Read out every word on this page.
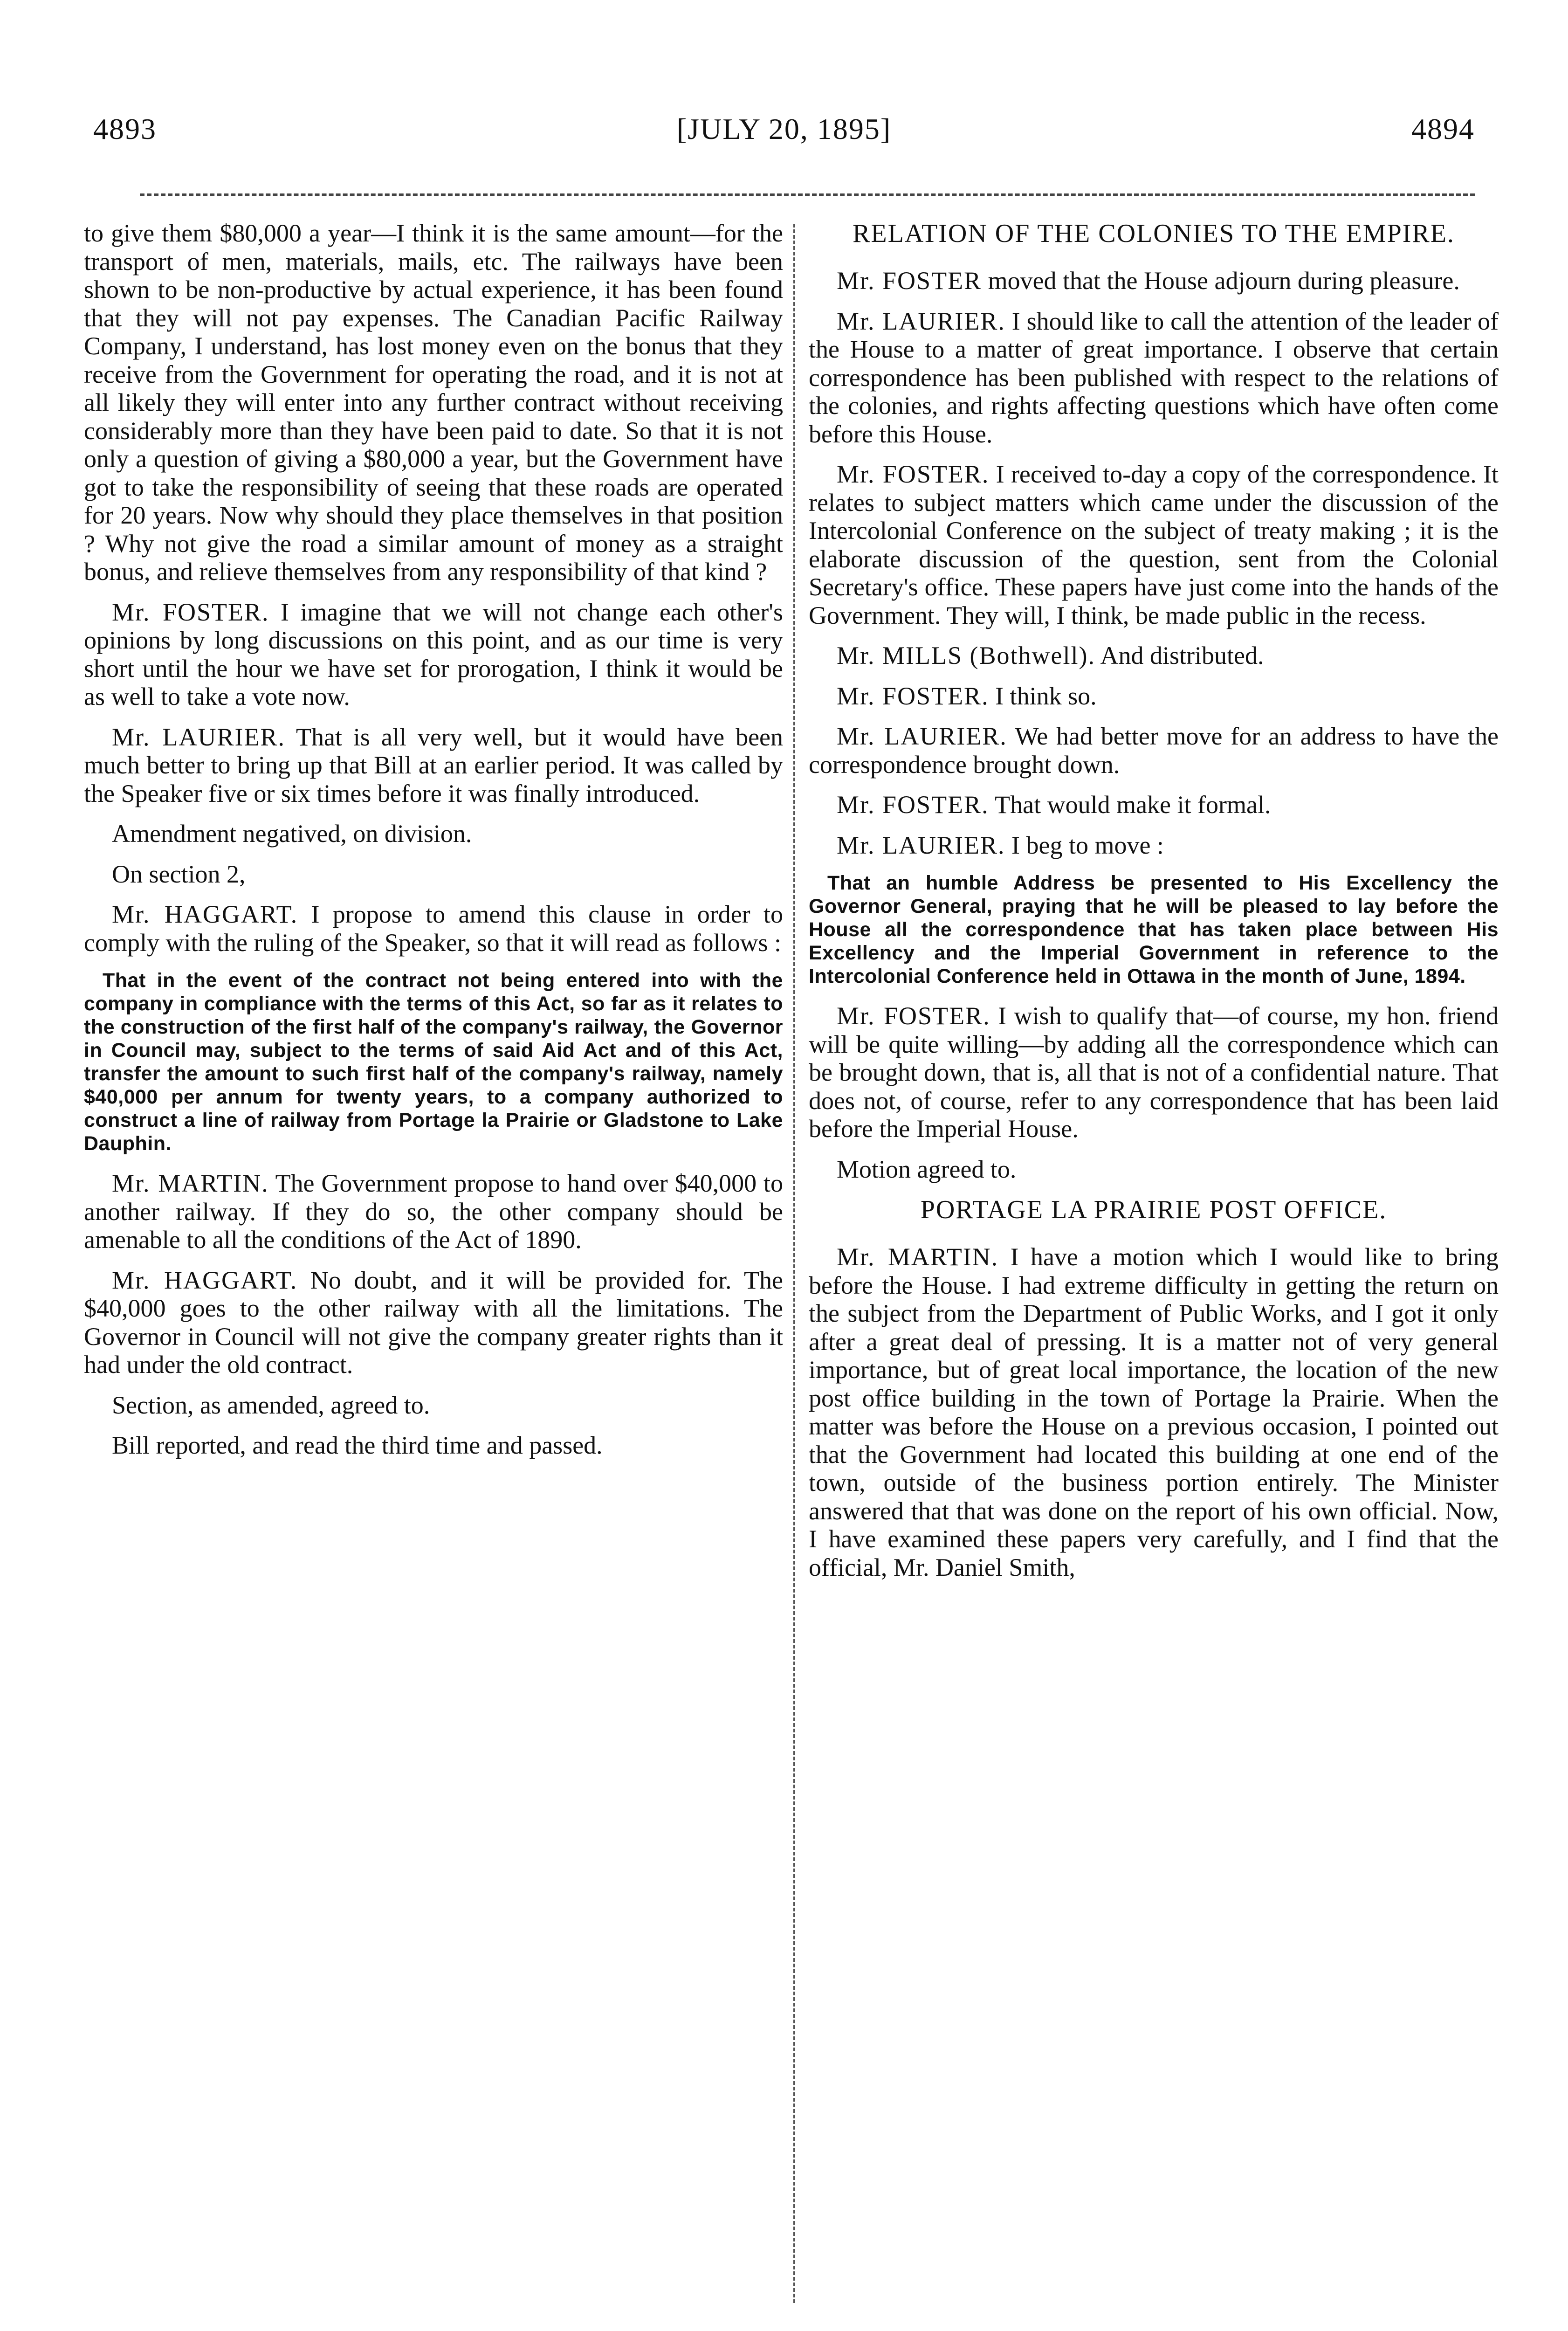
4893	[JULY 20, 1895]	4894

to give them $80,000 a year—I think it is the same amount—for the transport of men, materials, mails, etc. The railways have been shown to be non-productive by actual experience, it has been found that they will not pay expenses. The Canadian Pacific Railway Company, I understand, has lost money even on the bonus that they receive from the Government for operating the road, and it is not at all likely they will enter into any further contract without receiving considerably more than they have been paid to date. So that it is not only a question of giving a $80,000 a year, but the Government have got to take the responsibility of seeing that these roads are operated for 20 years. Now why should they place themselves in that position ? Why not give the road a similar amount of money as a straight bonus, and relieve themselves from any responsibility of that kind ?

Mr. FOSTER. I imagine that we will not change each other's opinions by long discussions on this point, and as our time is very short until the hour we have set for prorogation, I think it would be as well to take a vote now.

Mr. LAURIER. That is all very well, but it would have been much better to bring up that Bill at an earlier period. It was called by the Speaker five or six times before it was finally introduced.

Amendment negatived, on division.

On section 2,

Mr. HAGGART. I propose to amend this clause in order to comply with the ruling of the Speaker, so that it will read as follows :

That in the event of the contract not being entered into with the company in compliance with the terms of this Act, so far as it relates to the construction of the first half of the company's railway, the Governor in Council may, subject to the terms of said Aid Act and of this Act, transfer the amount to such first half of the company's railway, namely $40,000 per annum for twenty years, to a company authorized to construct a line of railway from Portage la Prairie or Gladstone to Lake Dauphin.

Mr. MARTIN. The Government propose to hand over $40,000 to another railway. If they do so, the other company should be amenable to all the conditions of the Act of 1890.

Mr. HAGGART. No doubt, and it will be provided for. The $40,000 goes to the other railway with all the limitations. The Governor in Council will not give the company greater rights than it had under the old contract.

Section, as amended, agreed to.

Bill reported, and read the third time and passed.

RELATION OF THE COLONIES TO THE EMPIRE.

Mr. FOSTER moved that the House adjourn during pleasure.

Mr. LAURIER. I should like to call the attention of the leader of the House to a matter of great importance. I observe that certain correspondence has been published with respect to the relations of the colonies, and rights affecting questions which have often come before this House.

Mr. FOSTER. I received to-day a copy of the correspondence. It relates to subject matters which came under the discussion of the Intercolonial Conference on the subject of treaty making ; it is the elaborate discussion of the question, sent from the Colonial Secretary's office. These papers have just come into the hands of the Government. They will, I think, be made public in the recess.

Mr. MILLS (Bothwell). And distributed.

Mr. FOSTER. I think so.

Mr. LAURIER. We had better move for an address to have the correspondence brought down.

Mr. FOSTER. That would make it formal.

Mr. LAURIER. I beg to move :

That an humble Address be presented to His Excellency the Governor General, praying that he will be pleased to lay before the House all the correspondence that has taken place between His Excellency and the Imperial Government in reference to the Intercolonial Conference held in Ottawa in the month of June, 1894.

Mr. FOSTER. I wish to qualify that—of course, my hon. friend will be quite willing—by adding all the correspondence which can be brought down, that is, all that is not of a confidential nature. That does not, of course, refer to any correspondence that has been laid before the Imperial House.

Motion agreed to.

PORTAGE LA PRAIRIE POST OFFICE.

Mr. MARTIN. I have a motion which I would like to bring before the House. I had extreme difficulty in getting the return on the subject from the Department of Public Works, and I got it only after a great deal of pressing. It is a matter not of very general importance, but of great local importance, the location of the new post office building in the town of Portage la Prairie. When the matter was before the House on a previous occasion, I pointed out that the Government had located this building at one end of the town, outside of the business portion entirely. The Minister answered that that was done on the report of his own official. Now, I have examined these papers very carefully, and I find that the official, Mr. Daniel Smith,
